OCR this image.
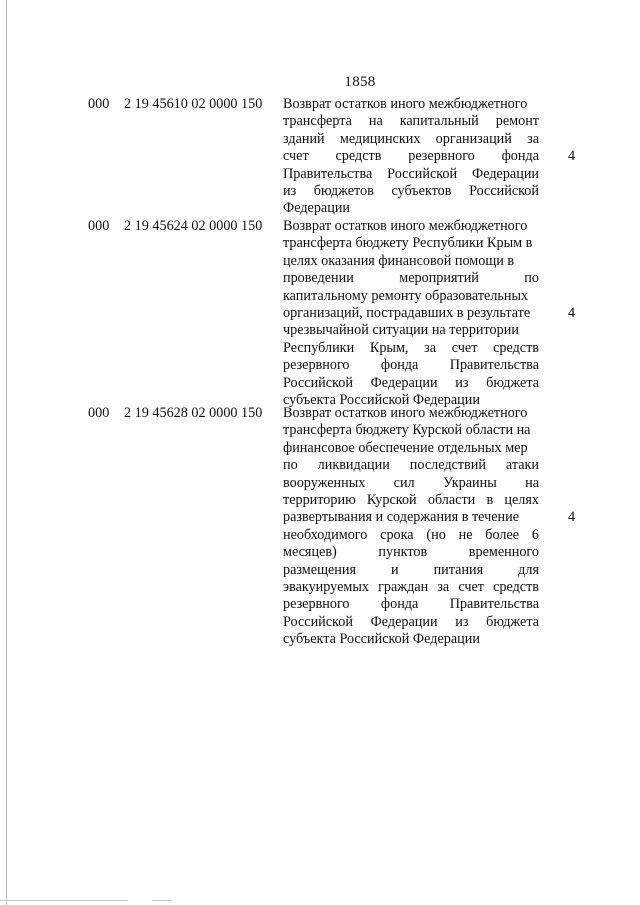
1858
000 2 19 45610 02 0000 150 Возврат остатков иного межбюджетного
трансферта на капитальный ремонт
зданий медицинских организаций за
счет средств резервного фонда
Правительства Российской Федерации
из бюджетов субъектов Российской
Федерации
4
000 2 19 45624 02 0000 150 Возврат остатков иного межбюджетного
трансферта бюджету Республики Крым в
целях оказания финансовой помощи в
проведении мероприятий по
капитальному ремонту образовательных
организаций, пострадавших в результате
чрезвычайной ситуации на территории
Республики Крым, за счет средств
резервного фонда Правительства
Российской Федерации из бюджета
субъекта Российской Федерации
4
000 2 19 45628 02 0000 150 Возврат остатков иного межбюджетного
трансферта бюджету Курской области на
финансовое обеспечение отдельных мер
по ликвидации последствий атаки
вооруженных сил Украины на
территорию Курской области в целях
развертывания и содержания в течение
необходимого срока (но не более 6
месяцев) пунктов временного
размещения и питания для
эвакуируемых граждан за счет средств
резервного фонда Правительства
Российской Федерации из бюджета
субъекта Российской Федерации
4
